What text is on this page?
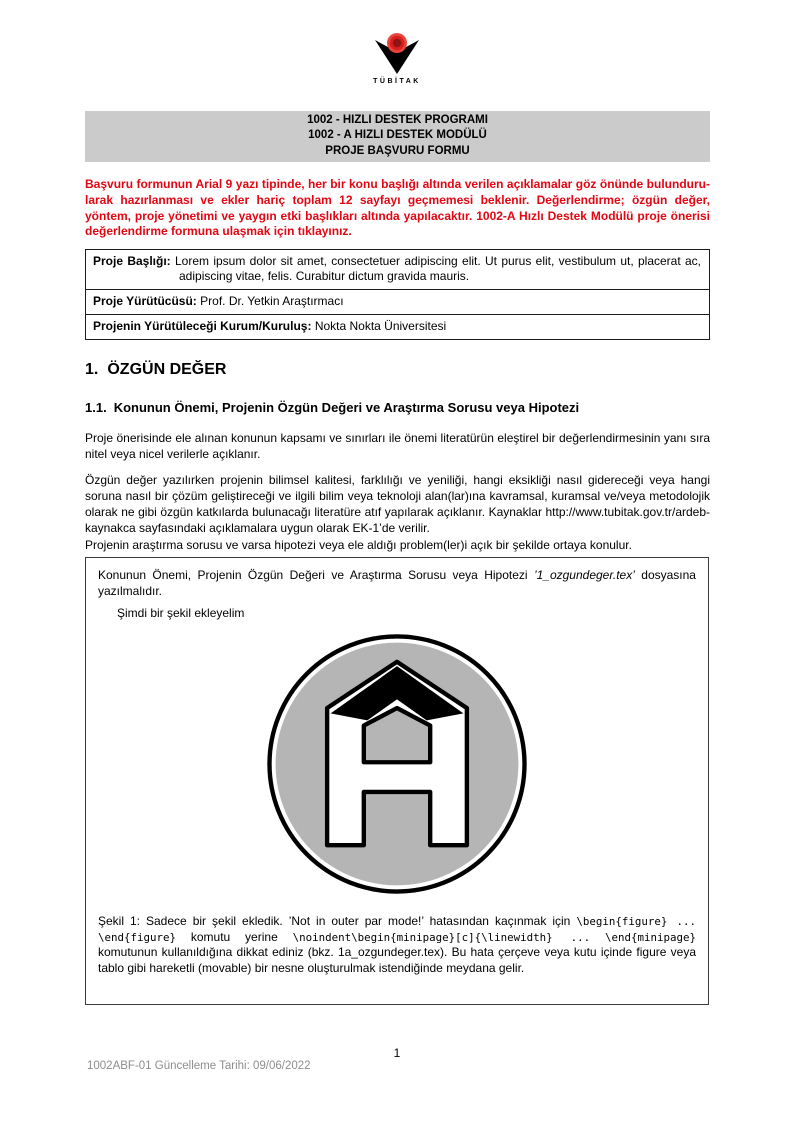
TÜBİTAK
1002 - HIZLI DESTEK PROGRAMI
1002 - A HIZLI DESTEK MODÜLÜ
PROJE BAŞVURU FORMU
Başvuru formunun Arial 9 yazı tipinde, her bir konu başlığı altında verilen açıklamalar göz önünde bulundurularak hazırlanması ve ekler hariç toplam 12 sayfayı geçmemesi beklenir. Değerlendirme; özgün değer, yöntem, proje yönetimi ve yaygın etki başlıkları altında yapılacaktır. 1002-A Hızlı Destek Modülü proje önerisi değerlendirme formuna ulaşmak için tıklayınız.
Proje Başlığı: Lorem ipsum dolor sit amet, consectetuer adipiscing elit. Ut purus elit, vestibulum ut, placerat ac, adipiscing vitae, felis. Curabitur dictum gravida mauris.

Proje Yürütücüsü: Prof. Dr. Yetkin Araştırmacı

Projenin Yürütüleceği Kurum/Kuruluş: Nokta Nokta Üniversitesi
1. ÖZGÜN DEĞER
1.1. Konunun Önemi, Projenin Özgün Değeri ve Araştırma Sorusu veya Hipotezi
Proje önerisinde ele alınan konunun kapsamı ve sınırları ile önemi literatürün eleştirel bir değerlendirmesinin yanı sıra nitel veya nicel verilerle açıklanır.
Özgün değer yazılırken projenin bilimsel kalitesi, farklılığı ve yeniliği, hangi eksikliği nasıl gidereceği veya hangi soruna nasıl bir çözüm geliştireceği ve ilgili bilim veya teknoloji alan(lar)ına kavramsal, kuramsal ve/veya metodolojik olarak ne gibi özgün katkılarda bulunacağı literatüre atıf yapılarak açıklanır. Kaynaklar http://www.tubitak.gov.tr/ardeb-kaynakca sayfasındaki açıklamalara uygun olarak EK-1’de verilir.
Projenin araştırma sorusu ve varsa hipotezi veya ele aldığı problem(ler)i açık bir şekilde ortaya konulur.
Konunun Önemi, Projenin Özgün Değeri ve Araştırma Sorusu veya Hipotezi ’1_ozgundeger.tex’ dosyasına yazılmalıdır.
Şimdi bir şekil ekleyelim
Şekil 1: Sadece bir şekil ekledik. ’Not in outer par mode!’ hatasından kaçınmak için \begin{figure} ... \end{figure} komutu yerine \noindent\begin{minipage}[c]{\linewidth} ... \end{minipage} komutunun kullanıldığına dikkat ediniz (bkz. 1a_ozgundeger.tex). Bu hata çerçeve veya kutu içinde figure veya tablo gibi hareketli (movable) bir nesne oluşturulmak istendiğinde meydana gelir.
1
1002ABF-01 Güncelleme Tarihi: 09/06/2022
